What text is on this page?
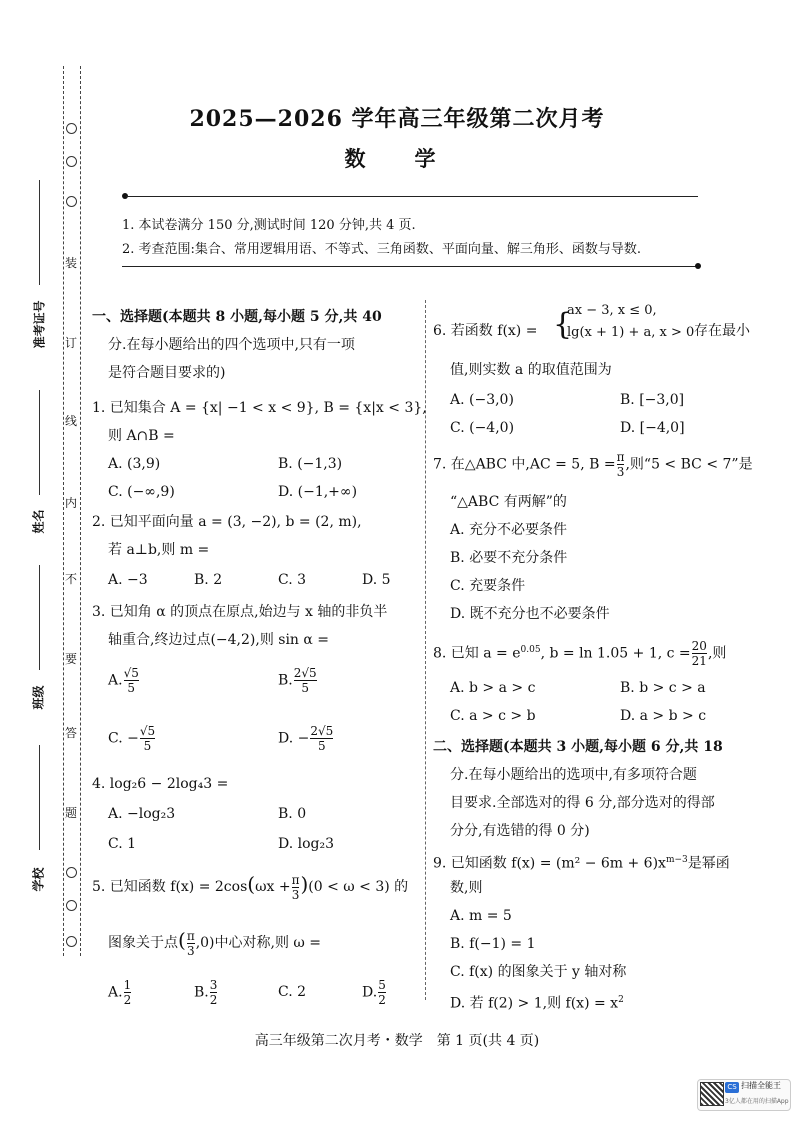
装
订
线
内
不
要
答
题
准考证号
姓名
班级
学校
2025—2026 学年高三年级第二次月考
数　学
1. 本试卷满分 150 分,测试时间 120 分钟,共 4 页.
2. 考查范围:集合、常用逻辑用语、不等式、三角函数、平面向量、解三角形、函数与导数.
一、选择题(本题共 8 小题,每小题 5 分,共 40
分.在每小题给出的四个选项中,只有一项
是符合题目要求的)
1. 已知集合 A = {x| −1 < x < 9}, B = {x|x < 3},
则 A∩B =
A. (3,9)	B. (−1,3)
C. (−∞,9)	D. (−1,+∞)
2. 已知平面向量 a = (3, −2), b = (2, m),
若 a⊥b,则 m =
A. −3	B. 2	C. 3	D. 5
3. 已知角 α 的顶点在原点,始边与 x 轴的非负半
轴重合,终边过点(−4,2),则 sin α =
A. $\frac{√5}{5}$	B. $\frac{2√5}{5}$
C. − $\frac{√5}{5}$	D. − $\frac{2√5}{5}$
4. log₂6 − 2log₄3 =
A. −log₂3	B. 0
C. 1	D. log₂3
5. 已知函数 $f(x) = 2\cos(\omega x + \frac{\pi}{3} )(0 < \omega < 3)$ 的
图象关于点( $\frac{\pi}{3} ,0$)中心对称,则 ω =
A. $\frac{1}{2}$	B. $\frac{3}{2}$	C. 2	D. $\frac{5}{2}$
6. 若函数 f(x) = {
ax − 3, x ≤ 0,
lg(x + 1) + a, x > 0 存在最小
值,则实数 a 的取值范围为
A. (−3,0)	B. [−3,0]
C. (−4,0)	D. [−4,0]
7. 在△ABC 中,AC = 5, $B = \frac{\pi}{3}$ ,则“5 < BC < 7”是
“△ABC 有两解”的
A. 充分不必要条件
B. 必要不充分条件
C. 充要条件
D. 既不充分也不必要条件
8. 已知 $a = e^{0.05}$, b = ln 1.05 + 1, $c = \frac{20}{21}$ ,则
A. b > a > c	B. b > c > a
C. a > c > b	D. a > b > c
二、选择题(本题共 3 小题,每小题 6 分,共 18
分.在每小题给出的选项中,有多项符合题
目要求.全部选对的得 6 分,部分选对的得部
分分,有选错的得 0 分)
9. 已知函数 $f(x) = (m^2 - 6m + 6)x^{m-3}$是幂函
数,则
A. m = 5
B. f(−1) = 1
C. f(x) 的图象关于 y 轴对称
D. 若 f(2) > 1,则 $f(x) = x^2$
高三年级第二次月考・数学　第 1 页(共 4 页)
CS 扫描全能王
3亿人都在用的扫描App
